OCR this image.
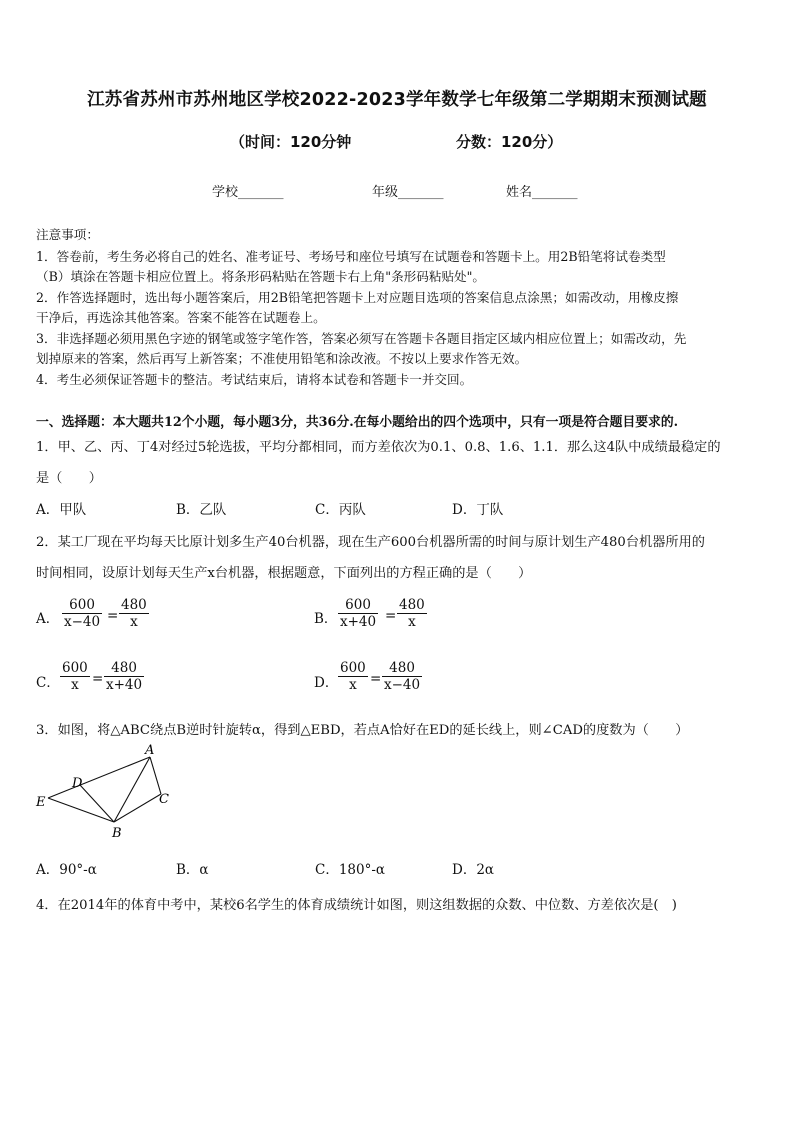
江苏省苏州市苏州地区学校2022-2023学年数学七年级第二学期期末预测试题
（时间：120分钟	分数：120分）
学校_______	年级_______	姓名_______
注意事项：
1．答卷前，考生务必将自己的姓名、准考证号、考场号和座位号填写在试题卷和答题卡上。用2B铅笔将试卷类型
（B）填涂在答题卡相应位置上。将条形码粘贴在答题卡右上角"条形码粘贴处"。
2．作答选择题时，选出每小题答案后，用2B铅笔把答题卡上对应题目选项的答案信息点涂黑；如需改动，用橡皮擦
干净后，再选涂其他答案。答案不能答在试题卷上。
3．非选择题必须用黑色字迹的钢笔或签字笔作答，答案必须写在答题卡各题目指定区域内相应位置上；如需改动，先
划掉原来的答案，然后再写上新答案；不准使用铅笔和涂改液。不按以上要求作答无效。
4．考生必须保证答题卡的整洁。考试结束后，请将本试卷和答题卡一并交回。
一、选择题：本大题共12个小题，每小题3分，共36分.在每小题给出的四个选项中，只有一项是符合题目要求的.
1．甲、乙、丙、丁4对经过5轮选拔，平均分都相同，而方差依次为0.1、0.8、1.6、1.1．那么这4队中成绩最稳定的
是（　　）
A．甲队	B．乙队	C．丙队	D．丁队
2．某工厂现在平均每天比原计划多生产40台机器，现在生产600台机器所需的时间与原计划生产480台机器所用的
时间相同，设原计划每天生产x台机器，根据题意，下面列出的方程正确的是（　　）
A． $\frac{600}{x-40} = \frac{480}{x}$	B． $\frac{600}{x+40} = \frac{480}{x}$
C． $\frac{600}{x} = \frac{480}{x+40}$	D． $\frac{600}{x} = \frac{480}{x-40}$
3．如图，将△ABC绕点B逆时针旋转α，得到△EBD，若点A恰好在ED的延长线上，则∠CAD的度数为（　　）
A
D
C
E
B
A．90°-α	B．α	C．180°-α	D．2α
4．在2014年的体育中考中，某校6名学生的体育成绩统计如图，则这组数据的众数、中位数、方差依次是(　)
